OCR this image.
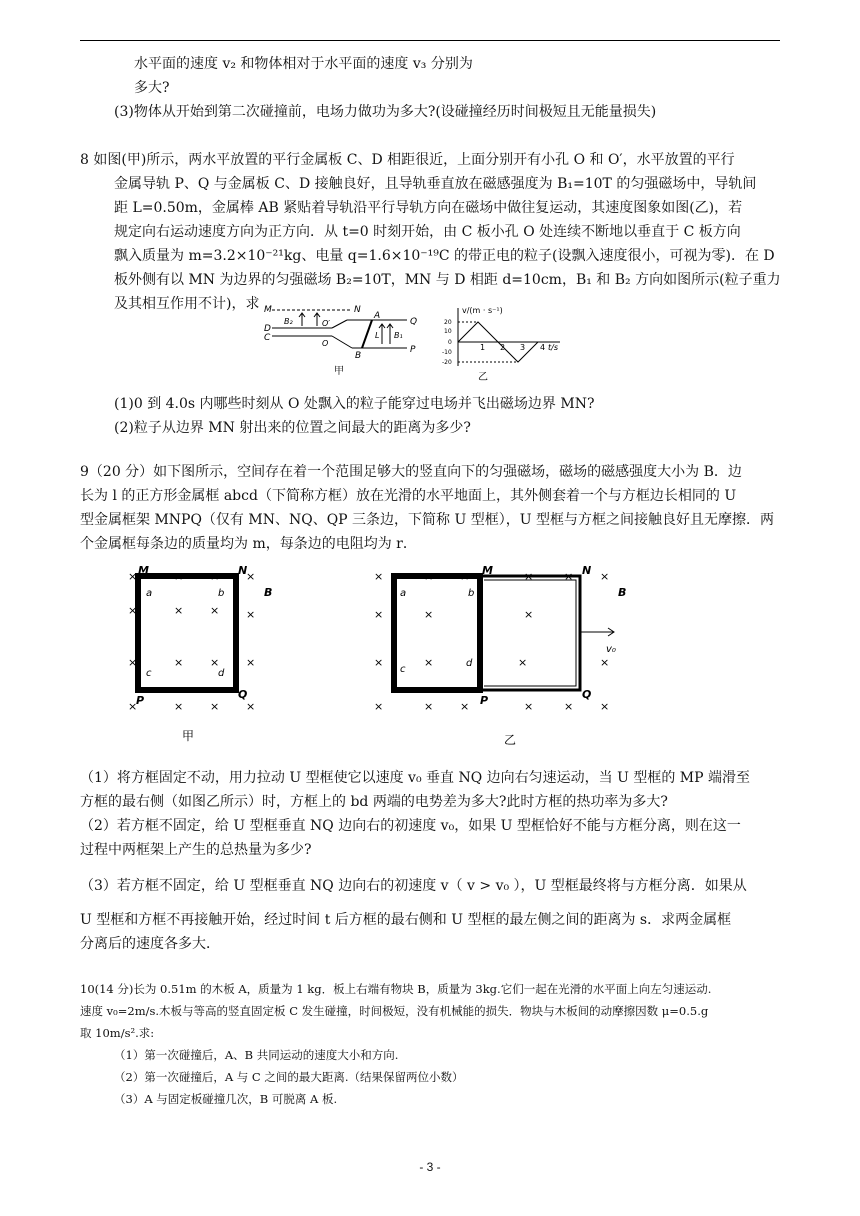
水平面的速度 v₂ 和物体相对于水平面的速度 v₃ 分别为

多大?

(3)物体从开始到第二次碰撞前，电场力做功为多大?(设碰撞经历时间极短且无能量损失)

8 如图(甲)所示，两水平放置的平行金属板 C、D 相距很近，上面分别开有小孔 O 和 O′，水平放置的平行

金属导轨 P、Q 与金属板 C、D 接触良好，且导轨垂直放在磁感强度为 B₁=10T 的匀强磁场中，导轨间

距 L=0.50m，金属棒 AB 紧贴着导轨沿平行导轨方向在磁场中做往复运动，其速度图象如图(乙)，若

规定向右运动速度方向为正方向．从 t=0 时刻开始，由 C 板小孔 O 处连续不断地以垂直于 C 板方向

飘入质量为 m=3.2×10⁻²¹kg、电量 q=1.6×10⁻¹⁹C 的带正电的粒子(设飘入速度很小，可视为零)．在 D

板外侧有以 MN 为边界的匀强磁场 B₂=10T，MN 与 D 相距 d=10cm，B₁ 和 B₂ 方向如图所示(粒子重力

及其相互作用不计)，求 M	N
D
C
B₂	O′
O
A
B
L B₁
Q
P
甲
v/(m · s⁻¹)
20
10
0
-10
-20
1 2 3 4 t/s
乙

(1)0 到 4.0s 内哪些时刻从 O 处飘入的粒子能穿过电场并飞出磁场边界 MN?

(2)粒子从边界 MN 射出来的位置之间最大的距离为多少?

9（20 分）如下图所示，空间存在着一个范围足够大的竖直向下的匀强磁场，磁场的磁感强度大小为 B．边

长为 l 的正方形金属框 abcd（下简称方框）放在光滑的水平地面上，其外侧套着一个与方框边长相同的 U

型金属框架 MNPQ（仅有 MN、NQ、QP 三条边，下简称 U 型框），U 型框与方框之间接触良好且无摩擦．两

个金属框每条边的质量均为 m，每条边的电阻均为 r．

×	× ×
×	× ×
×	× ×
×	× × ×
×
×
×
M	N
a	b
c	d
P	Q
B
甲
×	× ×	×	×
×	×	×
×	×	×
×	× ×	×	× ×
×
×
M	N
a	b
c
d
P	Q
B
v₀
乙

（1）将方框固定不动，用力拉动 U 型框使它以速度 v₀ 垂直 NQ 边向右匀速运动，当 U 型框的 MP 端滑至

方框的最右侧（如图乙所示）时，方框上的 bd 两端的电势差为多大?此时方框的热功率为多大?

（2）若方框不固定，给 U 型框垂直 NQ 边向右的初速度 v₀，如果 U 型框恰好不能与方框分离，则在这一

过程中两框架上产生的总热量为多少?

（3）若方框不固定，给 U 型框垂直 NQ 边向右的初速度 v（ v > v₀ ），U 型框最终将与方框分离．如果从

U 型框和方框不再接触开始，经过时间 t 后方框的最右侧和 U 型框的最左侧之间的距离为 s．求两金属框

分离后的速度各多大．

10(14 分)长为 0.51m 的木板 A，质量为 1 kg．板上右端有物块 B，质量为 3kg.它们一起在光滑的水平面上向左匀速运动.

速度 v₀=2m/s.木板与等高的竖直固定板 C 发生碰撞，时间极短，没有机械能的损失．物块与木板间的动摩擦因数 μ=0.5.g

取 10m/s².求:

（1）第一次碰撞后，A、B 共同运动的速度大小和方向.

（2）第一次碰撞后，A 与 C 之间的最大距离.（结果保留两位小数）

（3）A 与固定板碰撞几次，B 可脱离 A 板.

- 3 -
